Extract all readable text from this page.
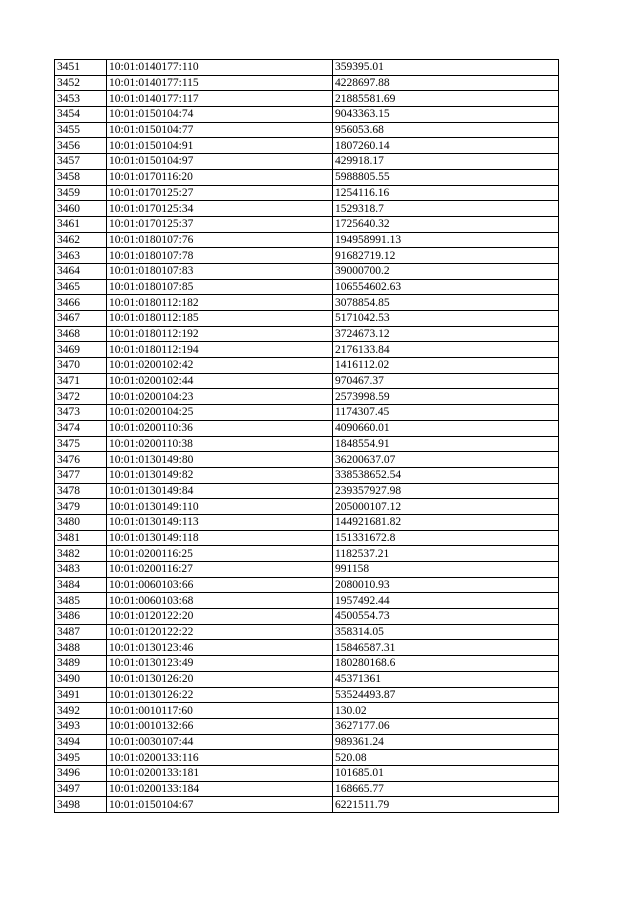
3451	10:01:0140177:110	359395.01
3452	10:01:0140177:115	4228697.88
3453	10:01:0140177:117	21885581.69
3454	10:01:0150104:74	9043363.15
3455	10:01:0150104:77	956053.68
3456	10:01:0150104:91	1807260.14
3457	10:01:0150104:97	429918.17
3458	10:01:0170116:20	5988805.55
3459	10:01:0170125:27	1254116.16
3460	10:01:0170125:34	1529318.7
3461	10:01:0170125:37	1725640.32
3462	10:01:0180107:76	194958991.13
3463	10:01:0180107:78	91682719.12
3464	10:01:0180107:83	39000700.2
3465	10:01:0180107:85	106554602.63
3466	10:01:0180112:182	3078854.85
3467	10:01:0180112:185	5171042.53
3468	10:01:0180112:192	3724673.12
3469	10:01:0180112:194	2176133.84
3470	10:01:0200102:42	1416112.02
3471	10:01:0200102:44	970467.37
3472	10:01:0200104:23	2573998.59
3473	10:01:0200104:25	1174307.45
3474	10:01:0200110:36	4090660.01
3475	10:01:0200110:38	1848554.91
3476	10:01:0130149:80	36200637.07
3477	10:01:0130149:82	338538652.54
3478	10:01:0130149:84	239357927.98
3479	10:01:0130149:110	205000107.12
3480	10:01:0130149:113	144921681.82
3481	10:01:0130149:118	151331672.8
3482	10:01:0200116:25	1182537.21
3483	10:01:0200116:27	991158
3484	10:01:0060103:66	2080010.93
3485	10:01:0060103:68	1957492.44
3486	10:01:0120122:20	4500554.73
3487	10:01:0120122:22	358314.05
3488	10:01:0130123:46	15846587.31
3489	10:01:0130123:49	180280168.6
3490	10:01:0130126:20	45371361
3491	10:01:0130126:22	53524493.87
3492	10:01:0010117:60	130.02
3493	10:01:0010132:66	3627177.06
3494	10:01:0030107:44	989361.24
3495	10:01:0200133:116	520.08
3496	10:01:0200133:181	101685.01
3497	10:01:0200133:184	168665.77
3498	10:01:0150104:67	6221511.79
